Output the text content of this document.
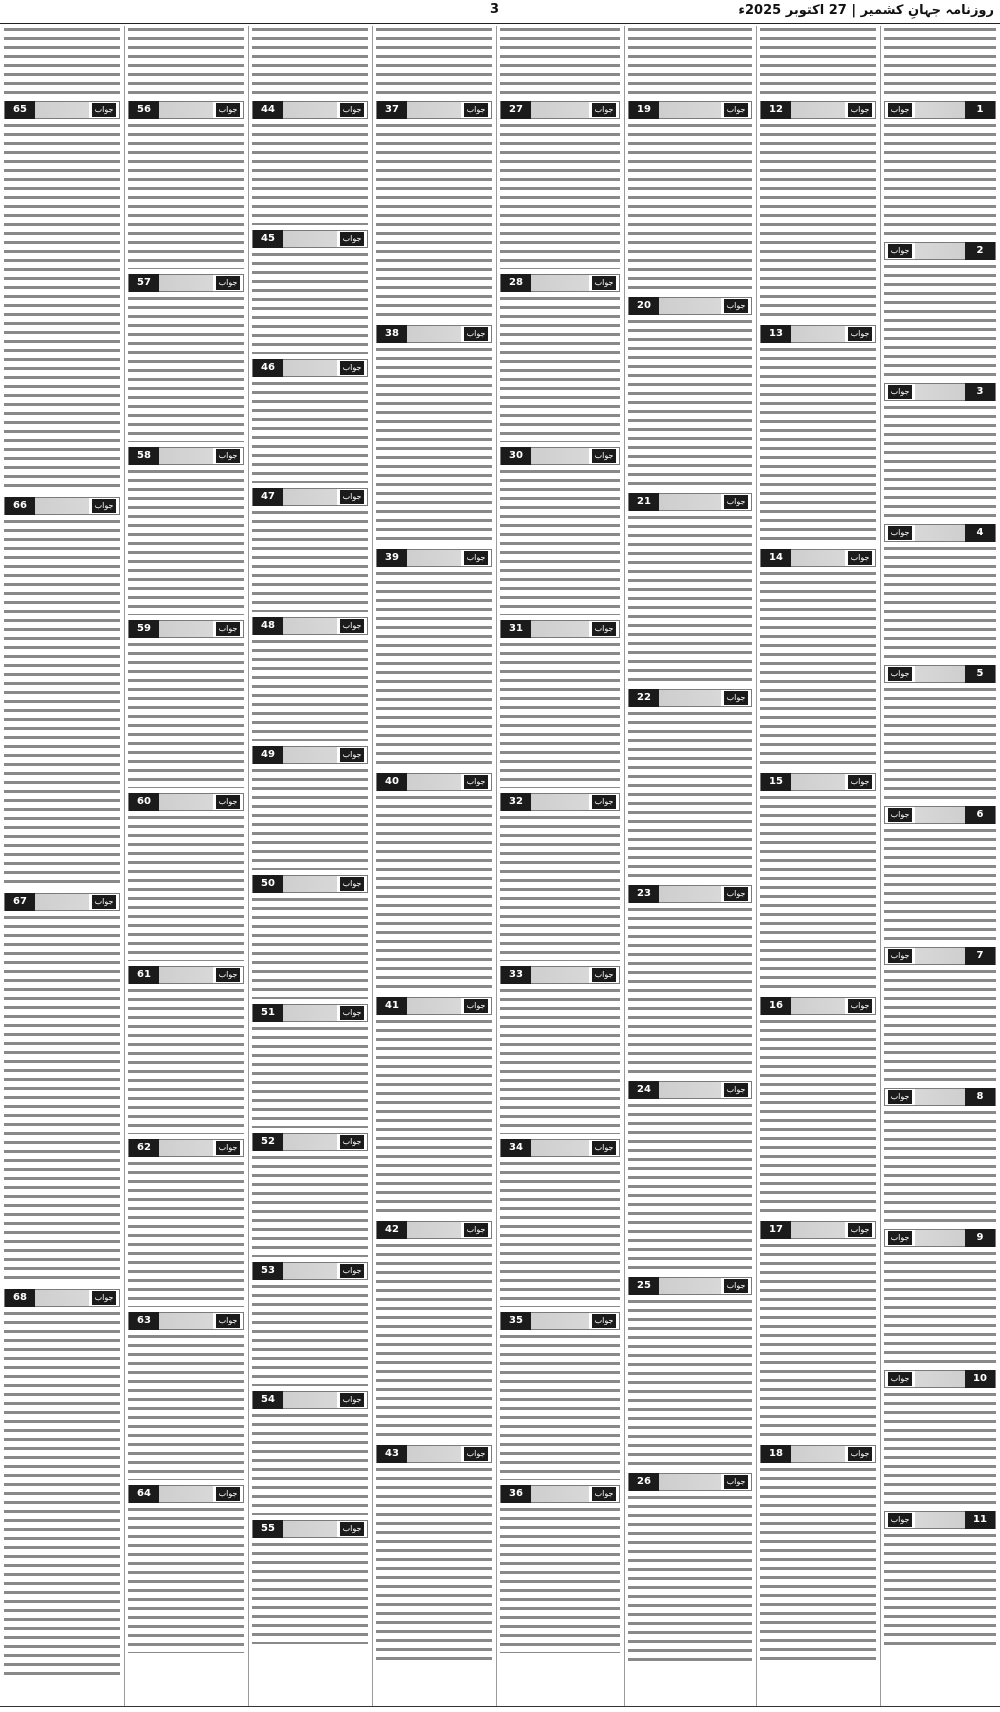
روزنامہ جہانِ کشمیر | 27 اکتوبر 2025ء
3
جواب	1
جواب	2
جواب	3
جواب	4
جواب	5
جواب	6
جواب	7
جواب	8
جواب	9
جواب	10
جواب	11
جواب
12
جواب
13
جواب
14
جواب
15
جواب
16
جواب
17
جواب
18
جواب
19
جواب
20
جواب
21
جواب
22
جواب
23
جواب
24
جواب
25
جواب
26
جواب
27
جواب
28
جواب
30
جواب
31
جواب
32
جواب
33
جواب
34
جواب
35
جواب
36
جواب
37
جواب
38
جواب
39
جواب
40
جواب
41
جواب
42
جواب
43
جواب
44
جواب
45
جواب
46
جواب
47
جواب
48
جواب
49
جواب
50
جواب
51
جواب
52
جواب
53
جواب
54
جواب
55
جواب
56
جواب
57
جواب
58
جواب
59
جواب
60
جواب
61
جواب
62
جواب
63
جواب
64
جواب
65
جواب
66
جواب
67
جواب
68
